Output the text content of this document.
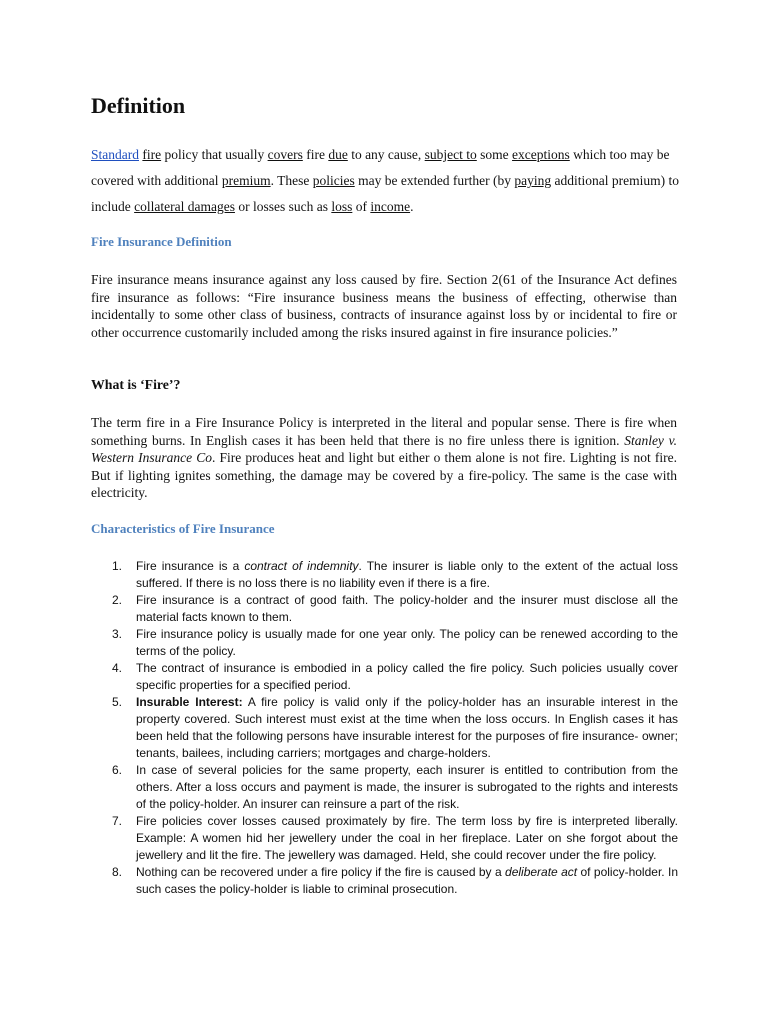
Definition

Standard fire policy that usually covers fire due to any cause, subject to some exceptions which too may be covered with additional premium. These policies may be extended further (by paying additional premium) to include collateral damages or losses such as loss of income.

Fire Insurance Definition

Fire insurance means insurance against any loss caused by fire. Section 2(61 of the Insurance Act defines fire insurance as follows: “Fire insurance business means the business of effecting, otherwise than incidentally to some other class of business, contracts of insurance against loss by or incidental to fire or other occurrence customarily included among the risks insured against in fire insurance policies.”

What is ‘Fire’?

The term fire in a Fire Insurance Policy is interpreted in the literal and popular sense. There is fire when something burns. In English cases it has been held that there is no fire unless there is ignition. Stanley v. Western Insurance Co. Fire produces heat and light but either o them alone is not fire. Lighting is not fire. But if lighting ignites something, the damage may be covered by a fire-policy. The same is the case with electricity.

Characteristics of Fire Insurance
1. Fire insurance is a contract of indemnity. The insurer is liable only to the extent of the actual loss suffered. If there is no loss there is no liability even if there is a fire.
2. Fire insurance is a contract of good faith. The policy-holder and the insurer must disclose all the material facts known to them.
3. Fire insurance policy is usually made for one year only. The policy can be renewed according to the terms of the policy.
4. The contract of insurance is embodied in a policy called the fire policy. Such policies usually cover specific properties for a specified period.
5. Insurable Interest: A fire policy is valid only if the policy-holder has an insurable interest in the property covered. Such interest must exist at the time when the loss occurs. In English cases it has been held that the following persons have insurable interest for the purposes of fire insurance- owner; tenants, bailees, including carriers; mortgages and charge-holders.
6. In case of several policies for the same property, each insurer is entitled to contribution from the others. After a loss occurs and payment is made, the insurer is subrogated to the rights and interests of the policy-holder. An insurer can reinsure a part of the risk.
7. Fire policies cover losses caused proximately by fire. The term loss by fire is interpreted liberally. Example: A women hid her jewellery under the coal in her fireplace. Later on she forgot about the jewellery and lit the fire. The jewellery was damaged. Held, she could recover under the fire policy.
8. Nothing can be recovered under a fire policy if the fire is caused by a deliberate act of policy-holder. In such cases the policy-holder is liable to criminal prosecution.
